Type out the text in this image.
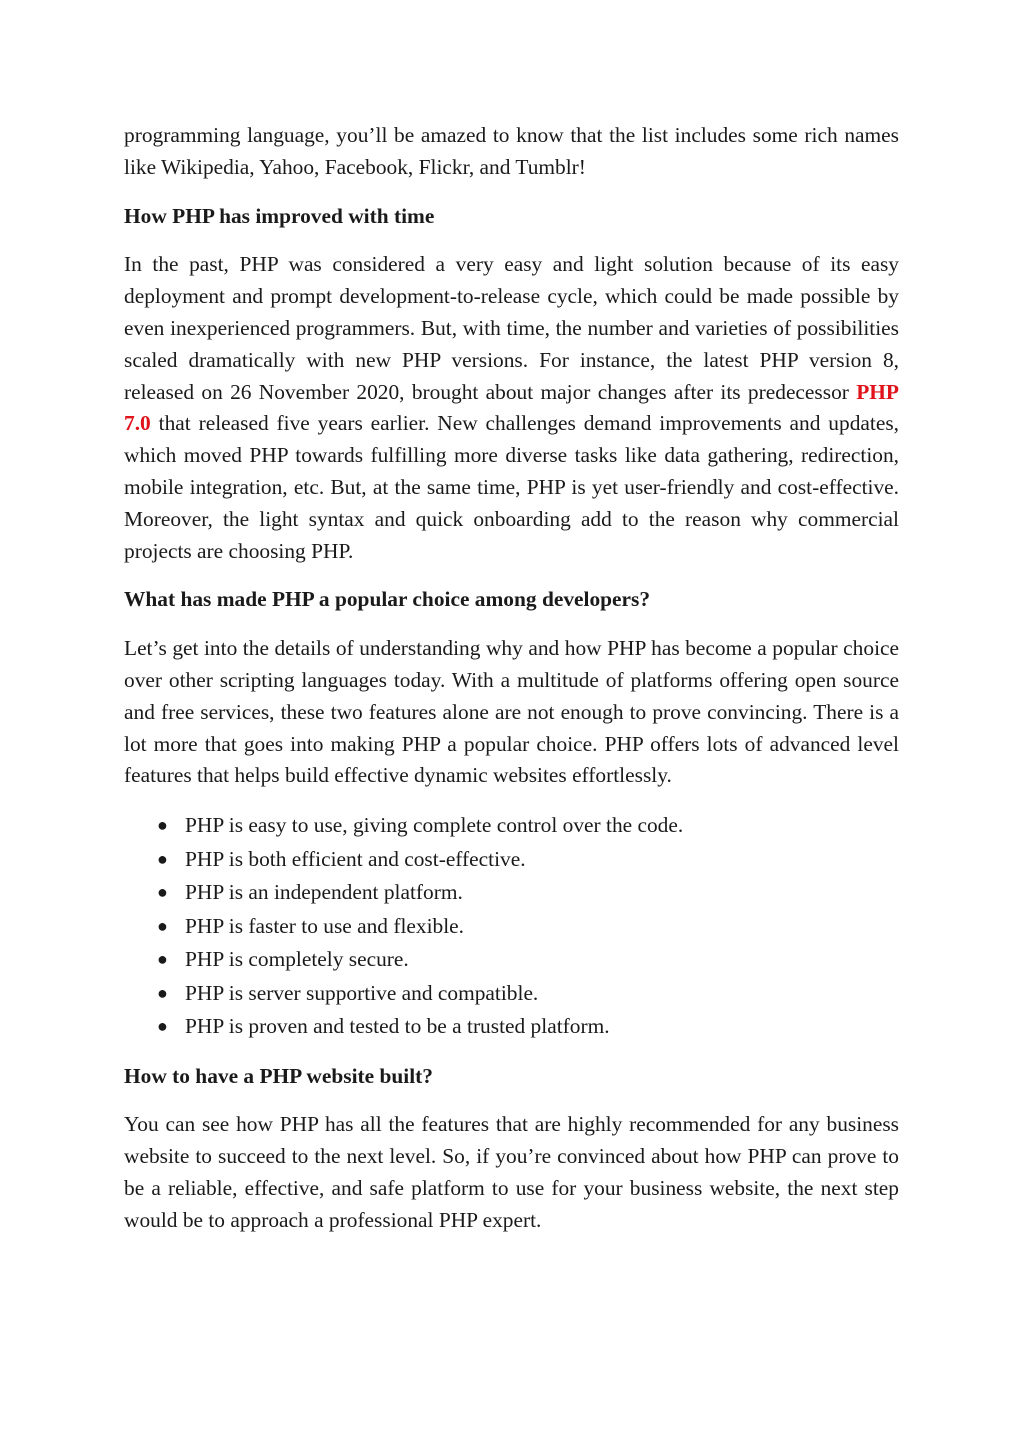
programming language, you’ll be amazed to know that the list includes some rich names like Wikipedia, Yahoo, Facebook, Flickr, and Tumblr!

How PHP has improved with time

In the past, PHP was considered a very easy and light solution because of its easy deployment and prompt development-to-release cycle, which could be made possible by even inexperienced programmers. But, with time, the number and varieties of possibilities scaled dramatically with new PHP versions. For instance, the latest PHP version 8, released on 26 November 2020, brought about major changes after its predecessor PHP 7.0 that released five years earlier. New challenges demand improvements and updates, which moved PHP towards fulfilling more diverse tasks like data gathering, redirection, mobile integration, etc. But, at the same time, PHP is yet user-friendly and cost-effective. Moreover, the light syntax and quick onboarding add to the reason why commercial projects are choosing PHP.

What has made PHP a popular choice among developers?

Let’s get into the details of understanding why and how PHP has become a popular choice over other scripting languages today. With a multitude of platforms offering open source and free services, these two features alone are not enough to prove convincing. There is a lot more that goes into making PHP a popular choice. PHP offers lots of advanced level features that helps build effective dynamic websites effortlessly.

● PHP is easy to use, giving complete control over the code.
● PHP is both efficient and cost-effective.
● PHP is an independent platform.
● PHP is faster to use and flexible.
● PHP is completely secure.
● PHP is server supportive and compatible.
● PHP is proven and tested to be a trusted platform.

How to have a PHP website built?

You can see how PHP has all the features that are highly recommended for any business website to succeed to the next level. So, if you’re convinced about how PHP can prove to be a reliable, effective, and safe platform to use for your business website, the next step would be to approach a professional PHP expert.
